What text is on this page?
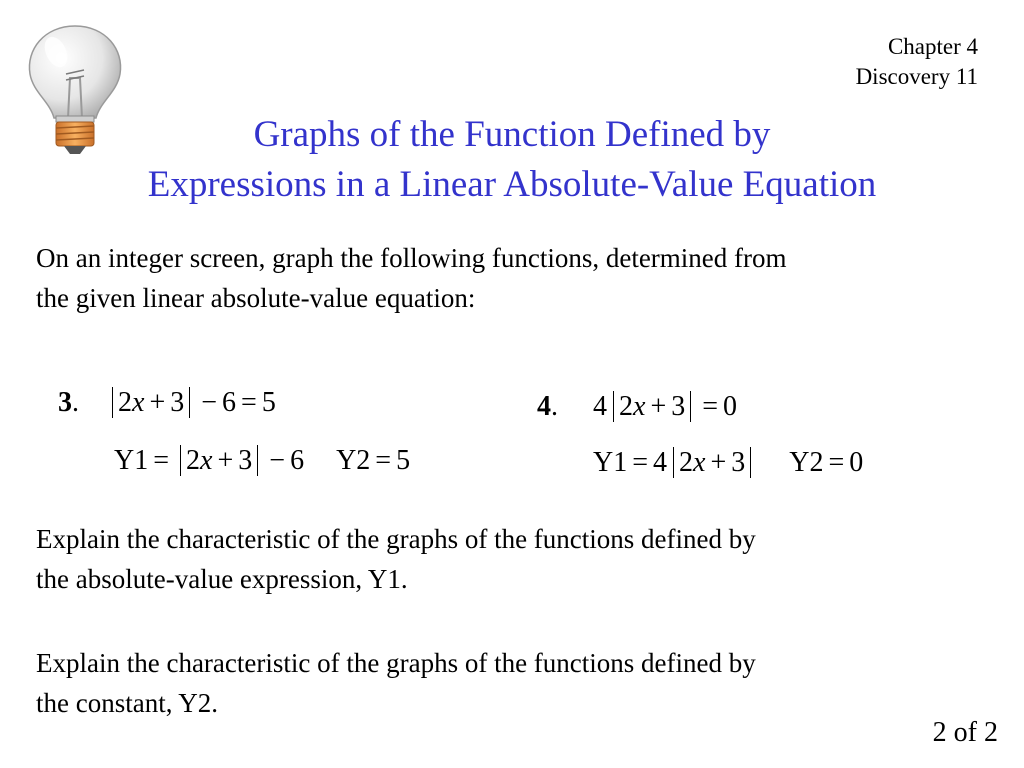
Chapter 4
Discovery 11
Graphs of the Function Defined by
Expressions in a Linear Absolute-Value Equation
On an integer screen, graph the following functions, determined from
the given linear absolute-value equation:
3.	2x + 3 − 6 = 5
Y1 = 2x + 3 − 6 Y2 = 5
4. 4 2x + 3 = 0
Y1 = 4 2x + 3 Y2 = 0
Explain the characteristic of the graphs of the functions defined by
the absolute-value expression, Y1.
Explain the characteristic of the graphs of the functions defined by
the constant, Y2.
2 of 2
